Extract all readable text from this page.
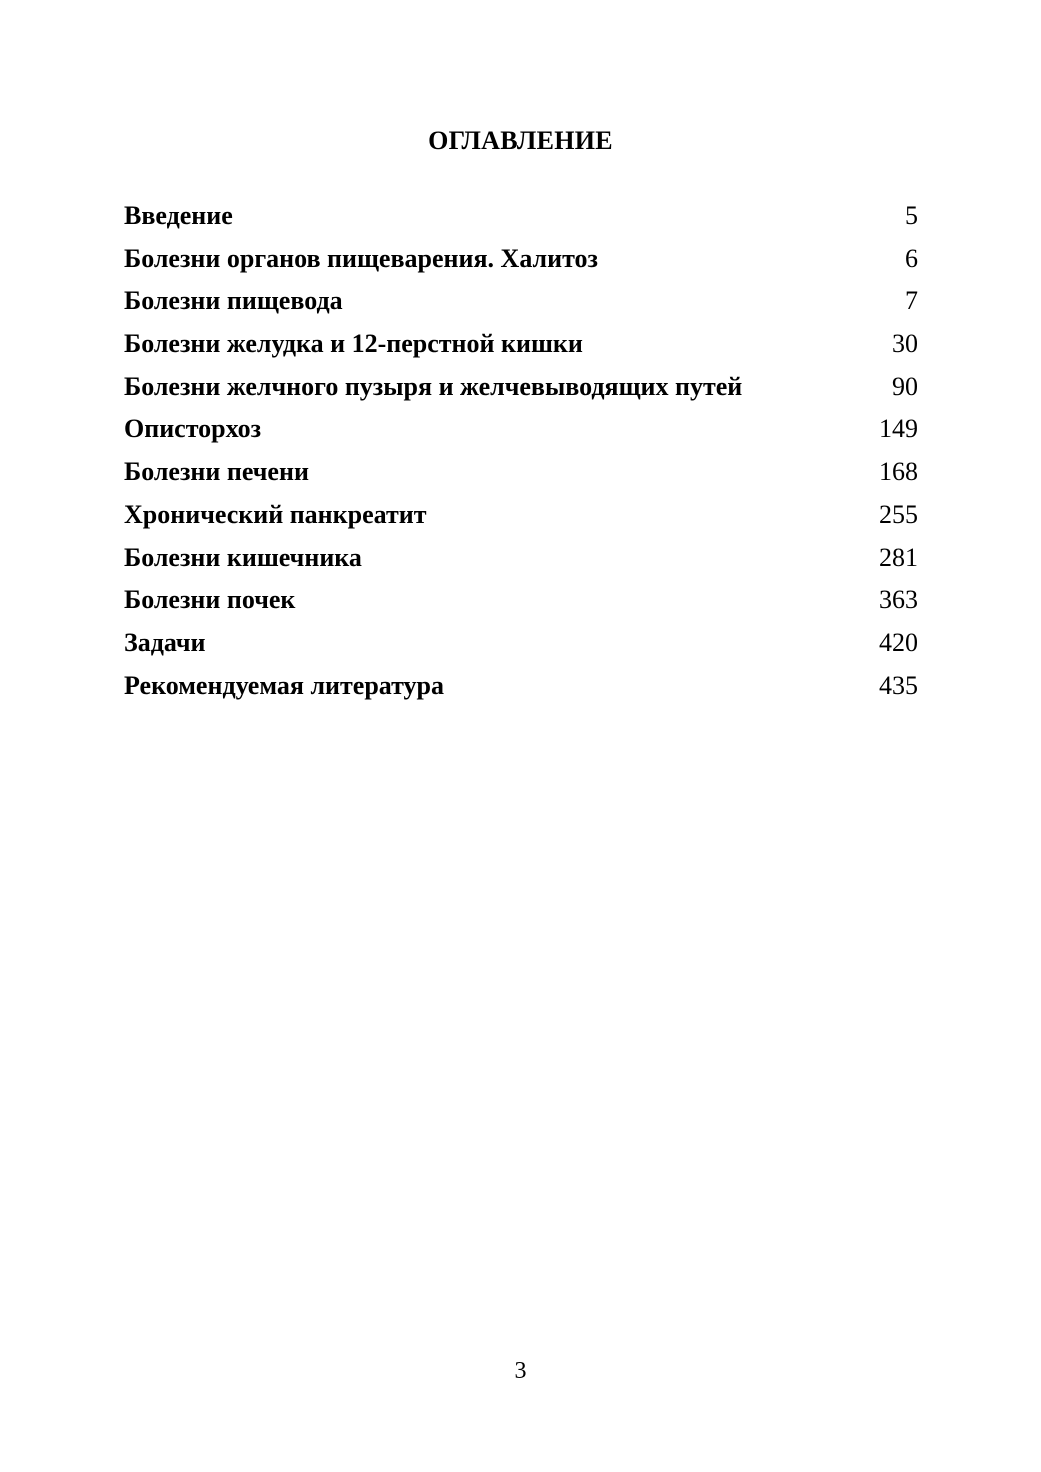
ОГЛАВЛЕНИЕ
Введение	5
Болезни органов пищеварения. Халитоз	6
Болезни пищевода	7
Болезни желудка и 12-перстной кишки	30
Болезни желчного пузыря и желчевыводящих путей	90
Описторхоз	149
Болезни печени	168
Хронический панкреатит	255
Болезни кишечника	281
Болезни почек	363
Задачи	420
Рекомендуемая литература	435
3
